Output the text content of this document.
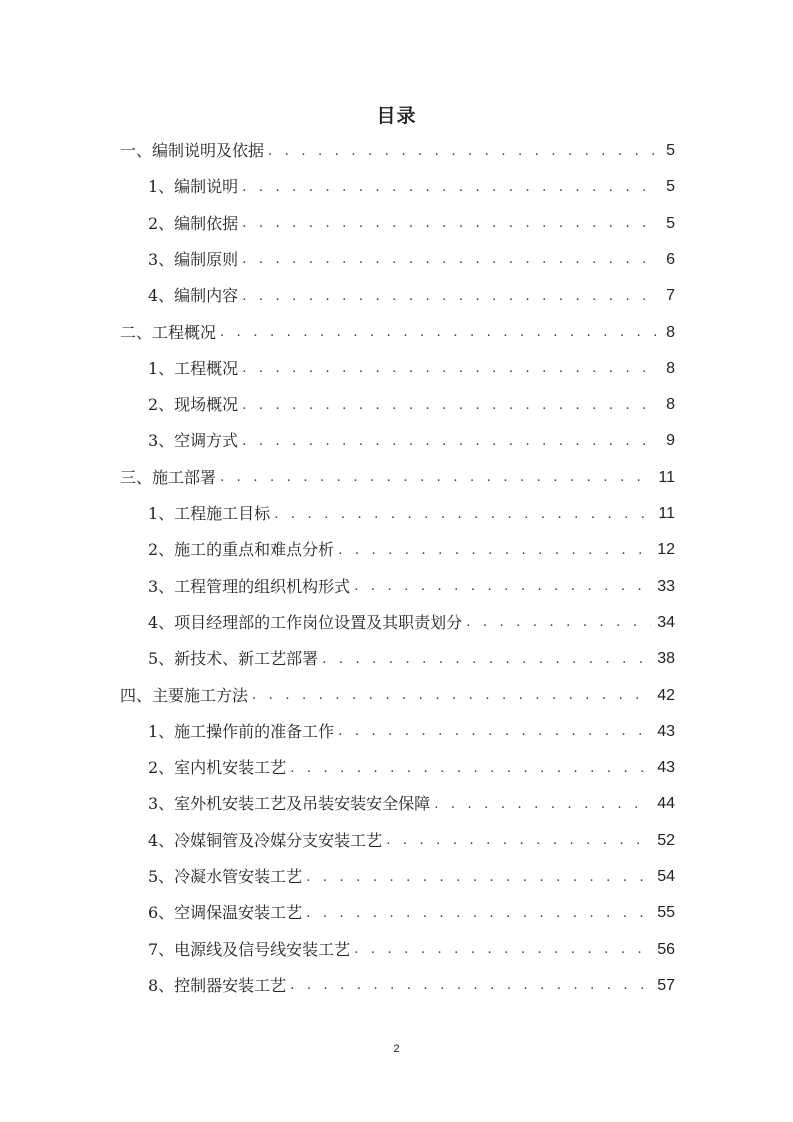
目录
一、编制说明及依据 . . .	5
1、编制说明 . . .	5
2、编制依据 . . .	5
3、编制原则 . . .	6
4、编制内容 . . .	7
二、工程概况 . . .	8
1、工程概况 . . .	8
2、现场概况 . . .	8
3、空调方式 . . .	9
三、施工部署 . . .	11
1、工程施工目标 . . .	11
2、施工的重点和难点分析 . . .	12
3、工程管理的组织机构形式 . . .	33
4、项目经理部的工作岗位设置及其职责划分 . . .	34
5、新技术、新工艺部署 . . .	38
四、主要施工方法 . . .	42
1、施工操作前的准备工作 . . .	43
2、室内机安装工艺 . . .	43
3、室外机安装工艺及吊装安装安全保障 . . .	44
4、冷媒铜管及冷媒分支安装工艺 . . .	52
5、冷凝水管安装工艺 . . .	54
6、空调保温安装工艺 . . .	55
7、电源线及信号线安装工艺 . . .	56
8、控制器安装工艺 . . .	57
2
